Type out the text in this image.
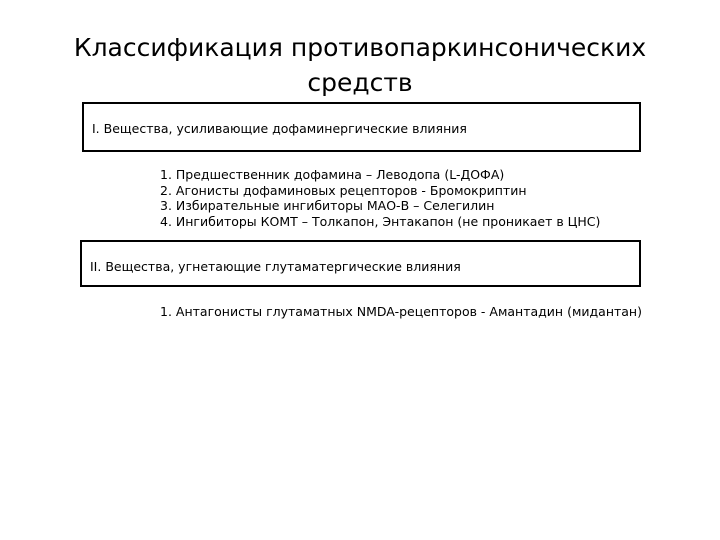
Классификация противопаркинсонических
средств
I. Вещества, усиливающие дофаминергические влияния
1. Предшественник дофамина – Леводопа (L-ДОФА)
2. Агонисты дофаминовых рецепторов - Бромокриптин
3. Избирательные ингибиторы МАО-В – Селегилин
4. Ингибиторы КОМТ – Толкапон, Энтакапон (не проникает в ЦНС)
II. Вещества, угнетающие глутаматергические влияния
1. Антагонисты глутаматных NMDA-рецепторов - Амантадин (мидантан)
